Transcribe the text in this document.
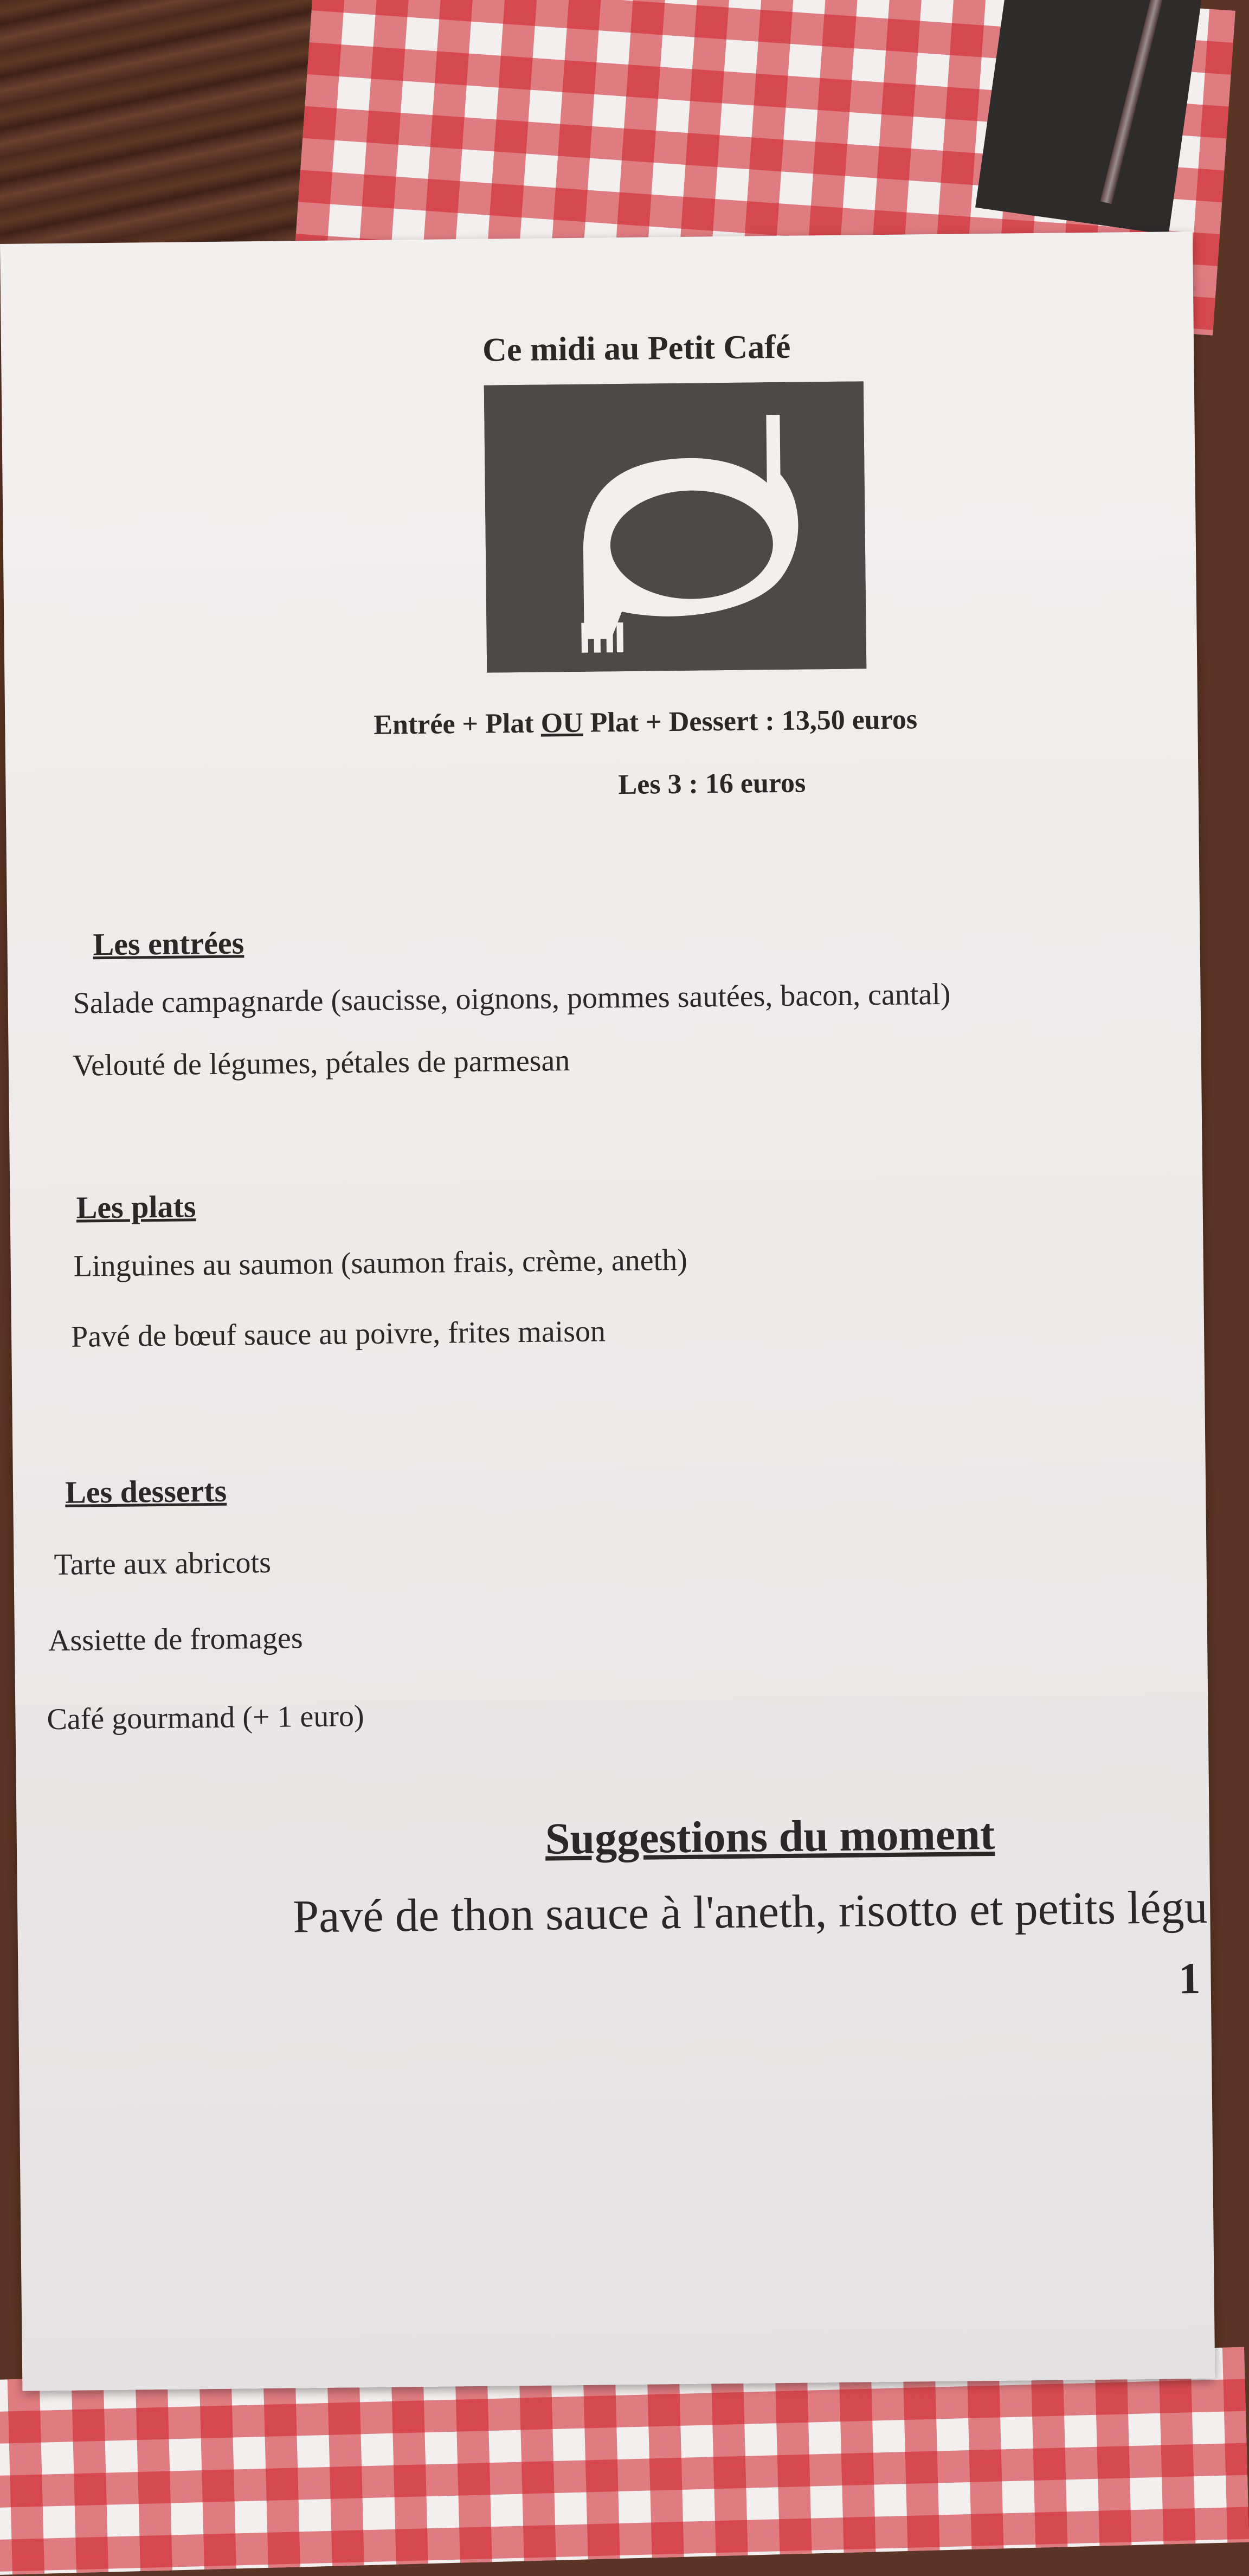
Ce midi au Petit Café
Entrée + Plat OU Plat + Dessert : 13,50 euros
Les 3 : 16 euros
Les entrées
Salade campagnarde (saucisse, oignons, pommes sautées, bacon, cantal)
Velouté de légumes, pétales de parmesan
Les plats
Linguines au saumon (saumon frais, crème, aneth)
Pavé de bœuf sauce au poivre, frites maison
Les desserts
Tarte aux abricots
Assiette de fromages
Café gourmand (+ 1 euro)
Suggestions du moment
Pavé de thon sauce à l'aneth, risotto et petits légu
1
